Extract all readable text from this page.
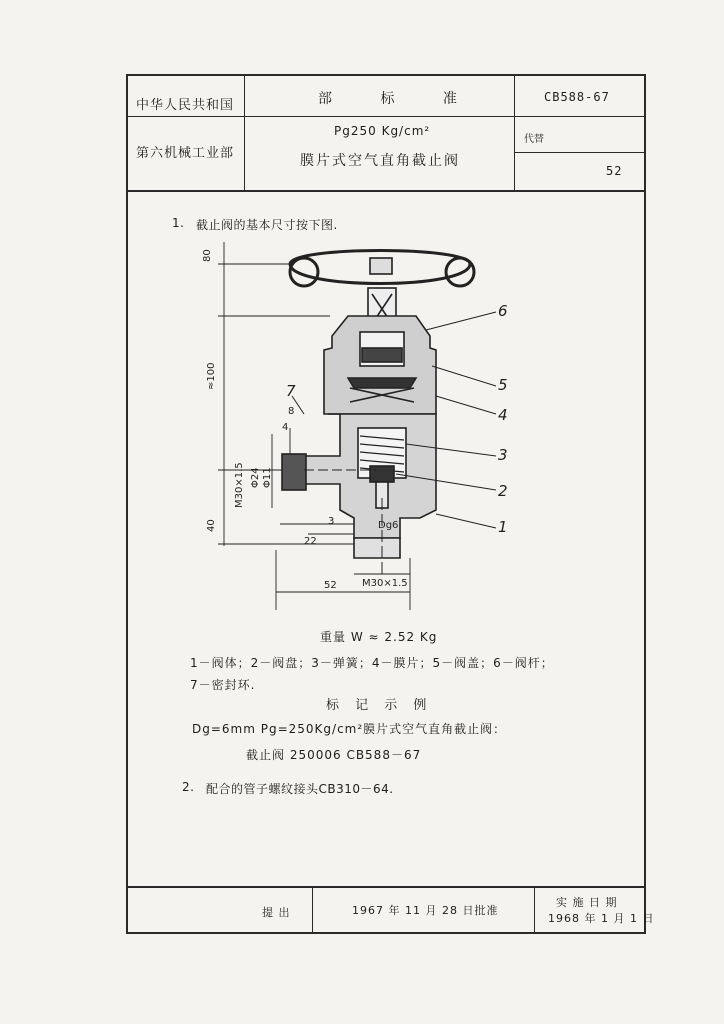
中华人民共和国
第六机械工业部
部 标 准	CB588-67
Pg250 Kg/cm²
膜片式空气直角截止阀
代替
52
1. 截止阀的基本尺寸按下图.
80
≈100
40
8
4
M30×1.5 Φ24 Φ11
3
22
Dg6
M30×1.5
52
6
5
4
3
2
1
7
重量 W ≈ 2.52 Kg
1－阀体；2－阀盘；3－弹簧；4－膜片；5－阀盖；6－阀杆；
7－密封环.
标 记 示 例
Dg=6mm Pg=250Kg/cm²膜片式空气直角截止阀：
截止阀 250006 CB588－67
2. 配合的管子螺纹接头CB310－64.
提 出	1967 年 11 月 28 日批准
实 施 日 期
1968 年 1 月 1 日
